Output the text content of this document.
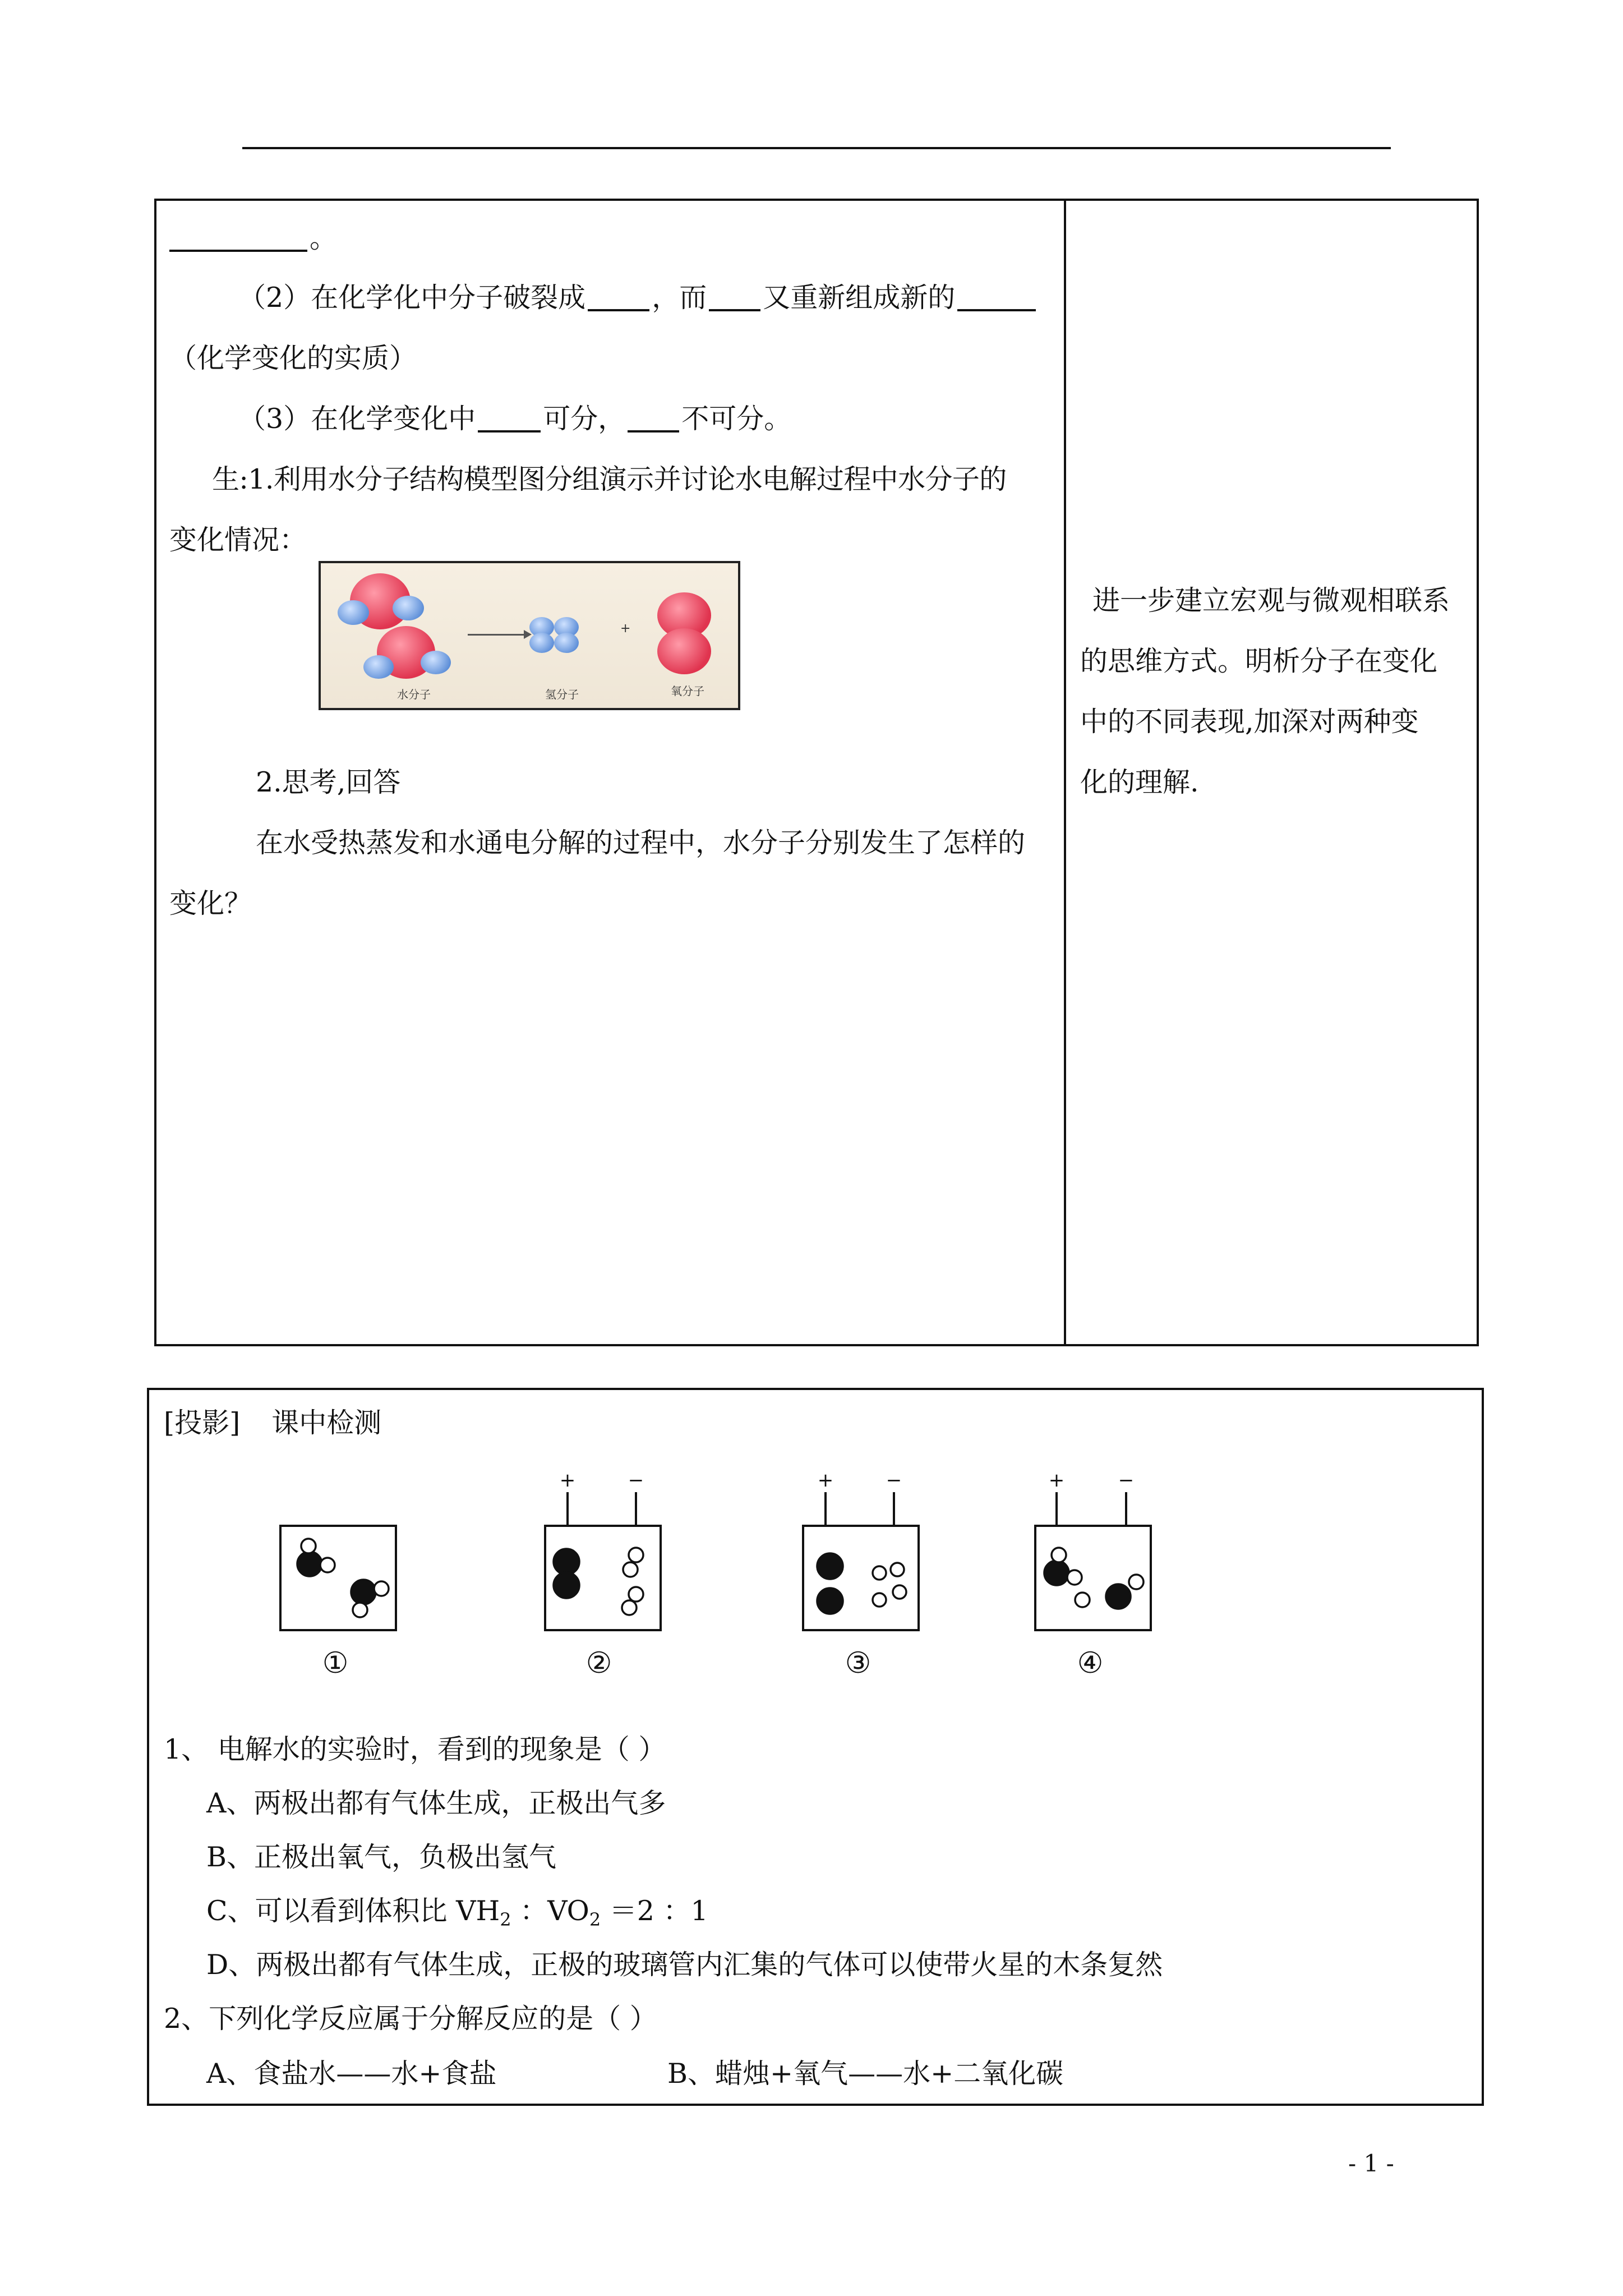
。
（2）在化学化中分子破裂成 ，而 又重新组成新的
（化学变化的实质）
（3）在化学变化中 可分， 不可分。
生:1.利用水分子结构模型图分组演示并讨论水电解过程中水分子的
变化情况：
+
水分子	氢分子	氧分子
2.思考,回答
在水受热蒸发和水通电分解的过程中，水分子分别发生了怎样的
变化？
进一步建立宏观与微观相联系
的思维方式。明析分子在变化
中的不同表现,加深对两种变
化的理解.
[投影] 课中检测
+	−	+	−	+	−
①	②	③	④
1、 电解水的实验时，看到的现象是（ ）
A、两极出都有气体生成，正极出气多
B、正极出氧气，负极出氢气
C、可以看到体积比 $VH_2$ ：$VO_2 =2$ ：1
D、两极出都有气体生成，正极的玻璃管内汇集的气体可以使带火星的木条复然
2、下列化学反应属于分解反应的是（ ）
A、食盐水——水+食盐	B、蜡烛+氧气——水+二氧化碳
- 1 -
